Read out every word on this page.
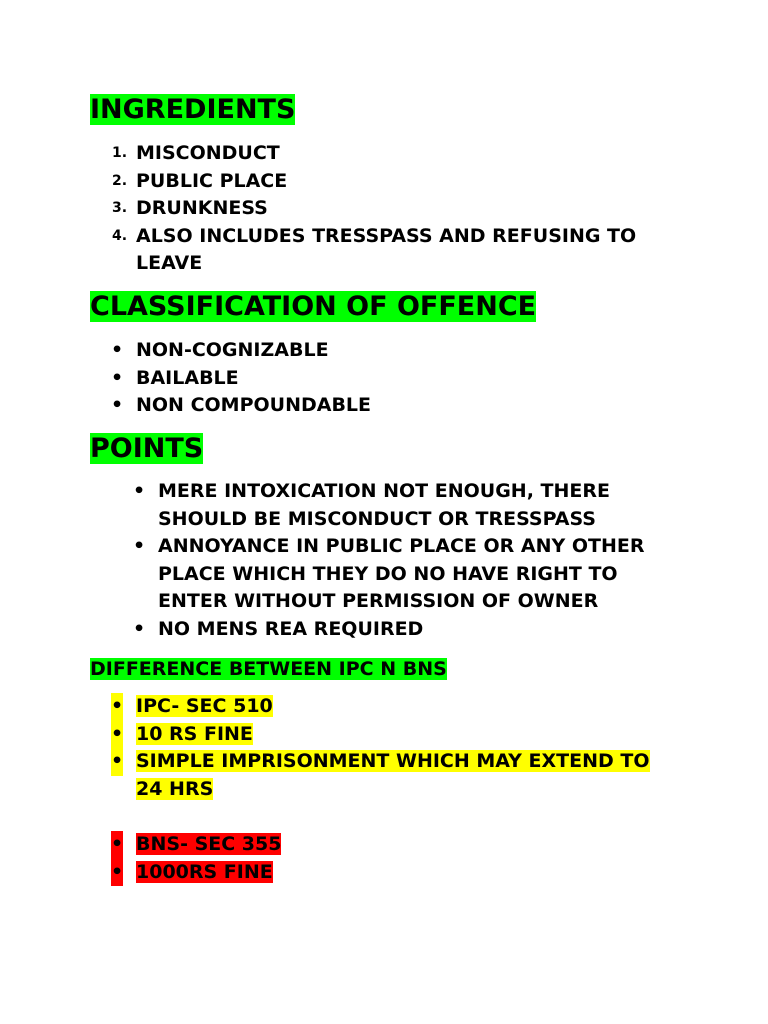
INGREDIENTS
1. MISCONDUCT
2. PUBLIC PLACE
3. DRUNKNESS
4. ALSO INCLUDES TRESSPASS AND REFUSING TO LEAVE
CLASSIFICATION OF OFFENCE
• NON-COGNIZABLE
• BAILABLE
• NON COMPOUNDABLE
POINTS
• MERE INTOXICATION NOT ENOUGH, THERE SHOULD BE MISCONDUCT OR TRESSPASS
• ANNOYANCE IN PUBLIC PLACE OR ANY OTHER PLACE WHICH THEY DO NO HAVE RIGHT TO ENTER WITHOUT PERMISSION OF OWNER
• NO MENS REA REQUIRED
DIFFERENCE BETWEEN IPC N BNS
• IPC- SEC 510
• 10 RS FINE
• SIMPLE IMPRISONMENT WHICH MAY EXTEND TO 24 HRS
• BNS- SEC 355
• 1000RS FINE
